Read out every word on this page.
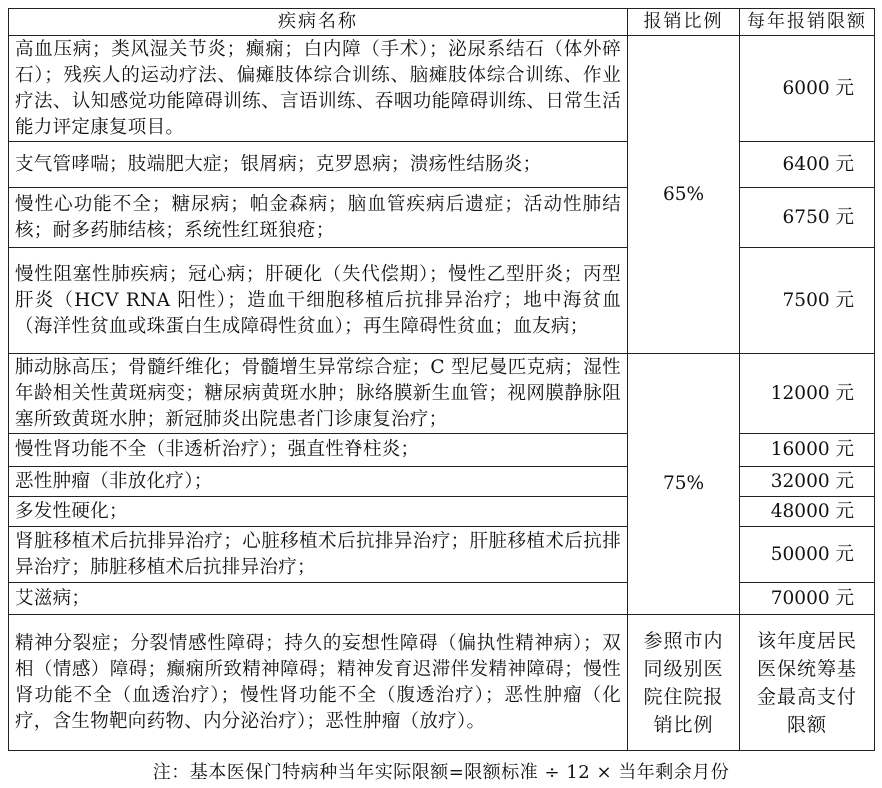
疾病名称	报销比例	每年报销限额
高血压病；类风湿关节炎；癫痫；白内障（手术）；泌尿系结石（体外碎石）；残疾人的运动疗法、偏瘫肢体综合训练、脑瘫肢体综合训练、作业疗法、认知感觉功能障碍训练、言语训练、吞咽功能障碍训练、日常生活能力评定康复项目。	65%	6000 元
支气管哮喘；肢端肥大症；银屑病；克罗恩病；溃疡性结肠炎；		6400 元
慢性心功能不全；糖尿病；帕金森病；脑血管疾病后遗症；活动性肺结核；耐多药肺结核；系统性红斑狼疮；		6750 元
慢性阻塞性肺疾病；冠心病；肝硬化（失代偿期）；慢性乙型肝炎；丙型肝炎（HCV RNA 阳性）；造血干细胞移植后抗排异治疗；地中海贫血（海洋性贫血或珠蛋白生成障碍性贫血）；再生障碍性贫血；血友病；		7500 元
肺动脉高压；骨髓纤维化；骨髓增生异常综合症；C 型尼曼匹克病；湿性年龄相关性黄斑病变；糖尿病黄斑水肿；脉络膜新生血管；视网膜静脉阻塞所致黄斑水肿；新冠肺炎出院患者门诊康复治疗；	75%	12000 元
慢性肾功能不全（非透析治疗）；强直性脊柱炎；		16000 元
恶性肿瘤（非放化疗）；		32000 元
多发性硬化；		48000 元
肾脏移植术后抗排异治疗；心脏移植术后抗排异治疗；肝脏移植术后抗排异治疗；肺脏移植术后抗排异治疗；		50000 元
艾滋病；		70000 元
精神分裂症；分裂情感性障碍；持久的妄想性障碍（偏执性精神病）；双相（情感）障碍；癫痫所致精神障碍；精神发育迟滞伴发精神障碍；慢性肾功能不全（血透治疗）；慢性肾功能不全（腹透治疗）；恶性肿瘤（化疗，含生物靶向药物、内分泌治疗）；恶性肿瘤（放疗）。	参照市内同级别医院住院报销比例	该年度居民医保统筹基金最高支付限额
注：基本医保门特病种当年实际限额=限额标准 ÷ 12 × 当年剩余月份
